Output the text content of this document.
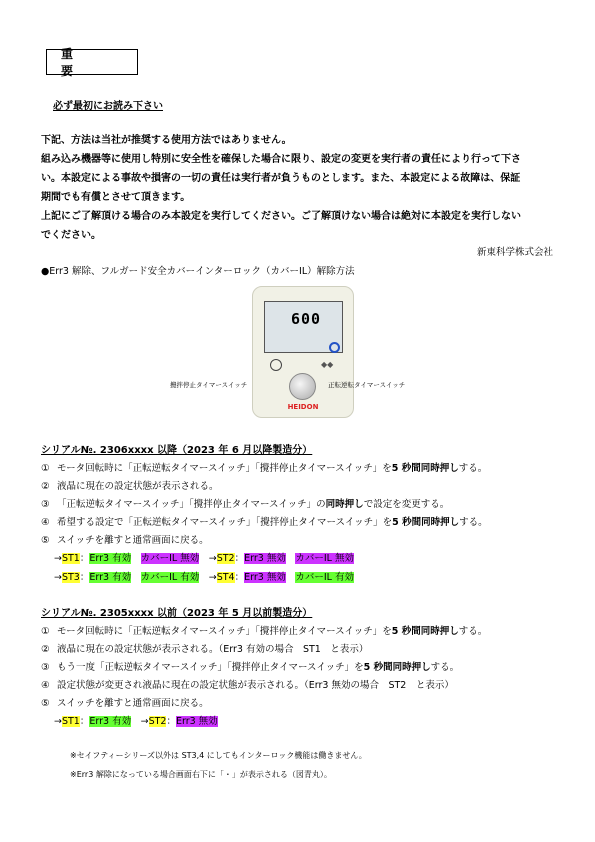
重　要
必ず最初にお読み下さい
下記、方法は当社が推奨する使用方法ではありません。
組み込み機器等に使用し特別に安全性を確保した場合に限り、設定の変更を実行者の責任により行って下さ
い。本設定による事故や損害の一切の責任は実行者が負うものとします。また、本設定による故障は、保証
期間でも有償とさせて頂きます。
上記にご了解頂ける場合のみ本設定を実行してください。ご了解頂けない場合は絶対に本設定を実行しない
でください。
新東科学株式会社
●Err3 解除、フルガード安全カバーインターロック（カバーIL）解除方法
600
◆◆
HEIDON
攪拌停止タイマースイッチ	正転逆転タイマースイッチ
シリアル№. 2306xxxx 以降（2023 年 6 月以降製造分）
① モータ回転時に「正転逆転タイマースイッチ」「攪拌停止タイマースイッチ」を5 秒間同時押しする。
② 液晶に現在の設定状態が表示される。
③ 「正転逆転タイマースイッチ」「攪拌停止タイマースイッチ」の同時押しで設定を変更する。
④ 希望する設定で「正転逆転タイマースイッチ」「攪拌停止タイマースイッチ」を5 秒間同時押しする。
⑤ スイッチを離すと通常画面に戻る。
→ST1：Err3 有効　 カバーIL 無効　→ST2：Err3 無効　 カバーIL 無効
→ST3：Err3 有効　 カバーIL 有効　→ST4：Err3 無効　 カバーIL 有効
シリアル№. 2305xxxx 以前（2023 年 5 月以前製造分）
① モータ回転時に「正転逆転タイマースイッチ」「攪拌停止タイマースイッチ」を5 秒間同時押しする。
② 液晶に現在の設定状態が表示される。（Err3 有効の場合　ST1　と表示）
③ もう一度「正転逆転タイマースイッチ」「攪拌停止タイマースイッチ」を5 秒間同時押しする。
④ 設定状態が変更され液晶に現在の設定状態が表示される。（Err3 無効の場合　ST2　と表示）
⑤ スイッチを離すと通常画面に戻る。
→ST1：Err3 有効　→ST2：Err3 無効
※セイフティーシリーズ以外は ST3,4 にしてもインターロック機能は働きません。
※Err3 解除になっている場合画面右下に「・」が表示される（図青丸）。
